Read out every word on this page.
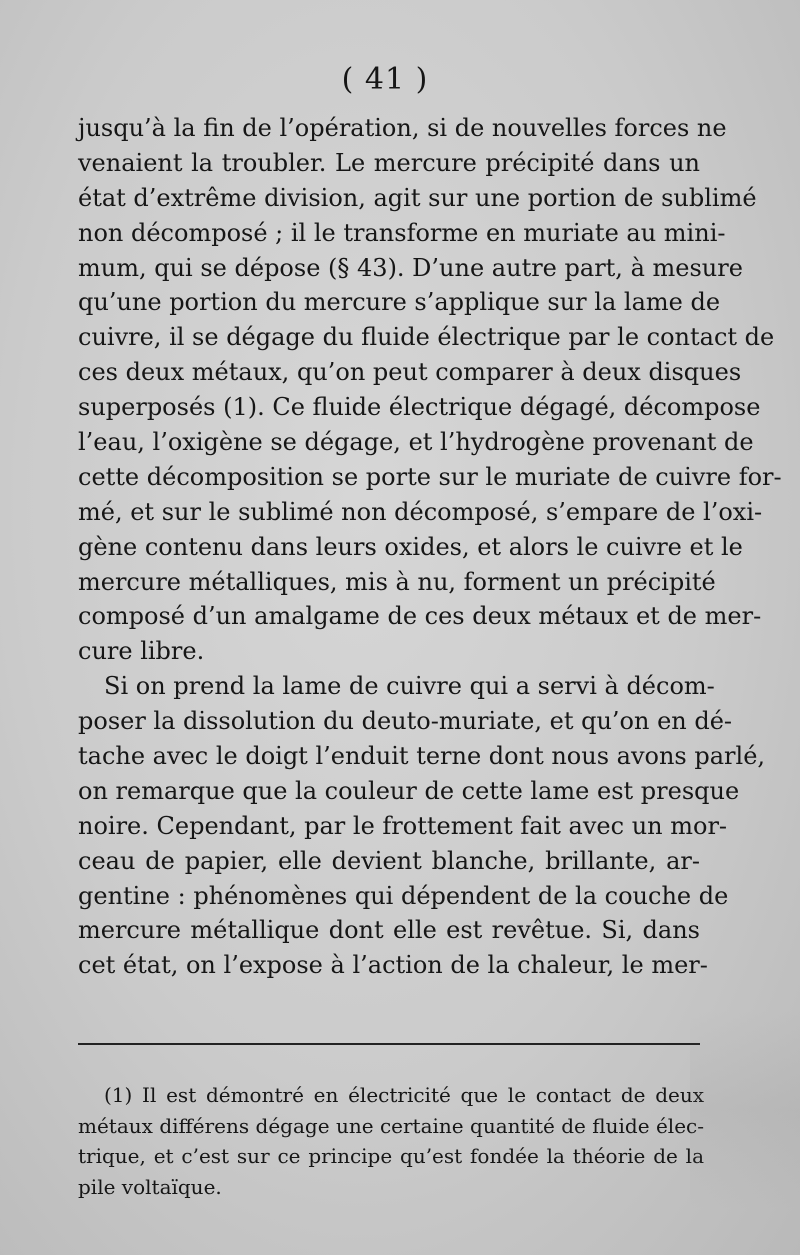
( 41 )
jusqu’à la fin de l’opération, si de nouvelles forces ne
venaient la troubler. Le mercure précipité dans un
état d’extrême division, agit sur une portion de sublimé
non décomposé ; il le transforme en muriate au mini-
mum, qui se dépose (§ 43). D’une autre part, à mesure
qu’une portion du mercure s’applique sur la lame de
cuivre, il se dégage du fluide électrique par le contact de
ces deux métaux, qu’on peut comparer à deux disques
superposés (1). Ce fluide électrique dégagé, décompose
l’eau, l’oxigène se dégage, et l’hydrogène provenant de
cette décomposition se porte sur le muriate de cuivre for-
mé, et sur le sublimé non décomposé, s’empare de l’oxi-
gène contenu dans leurs oxides, et alors le cuivre et le
mercure métalliques, mis à nu, forment un précipité
composé d’un amalgame de ces deux métaux et de mer-
cure libre.
Si on prend la lame de cuivre qui a servi à décom-
poser la dissolution du deuto-muriate, et qu’on en dé-
tache avec le doigt l’enduit terne dont nous avons parlé,
on remarque que la couleur de cette lame est presque
noire. Cependant, par le frottement fait avec un mor-
ceau de papier, elle devient blanche, brillante, ar-
gentine : phénomènes qui dépendent de la couche de
mercure métallique dont elle est revêtue. Si, dans
cet état, on l’expose à l’action de la chaleur, le mer-
(1) Il est démontré en électricité que le contact de deux
métaux différens dégage une certaine quantité de fluide élec-
trique, et c’est sur ce principe qu’est fondée la théorie de la
pile voltaïque.
